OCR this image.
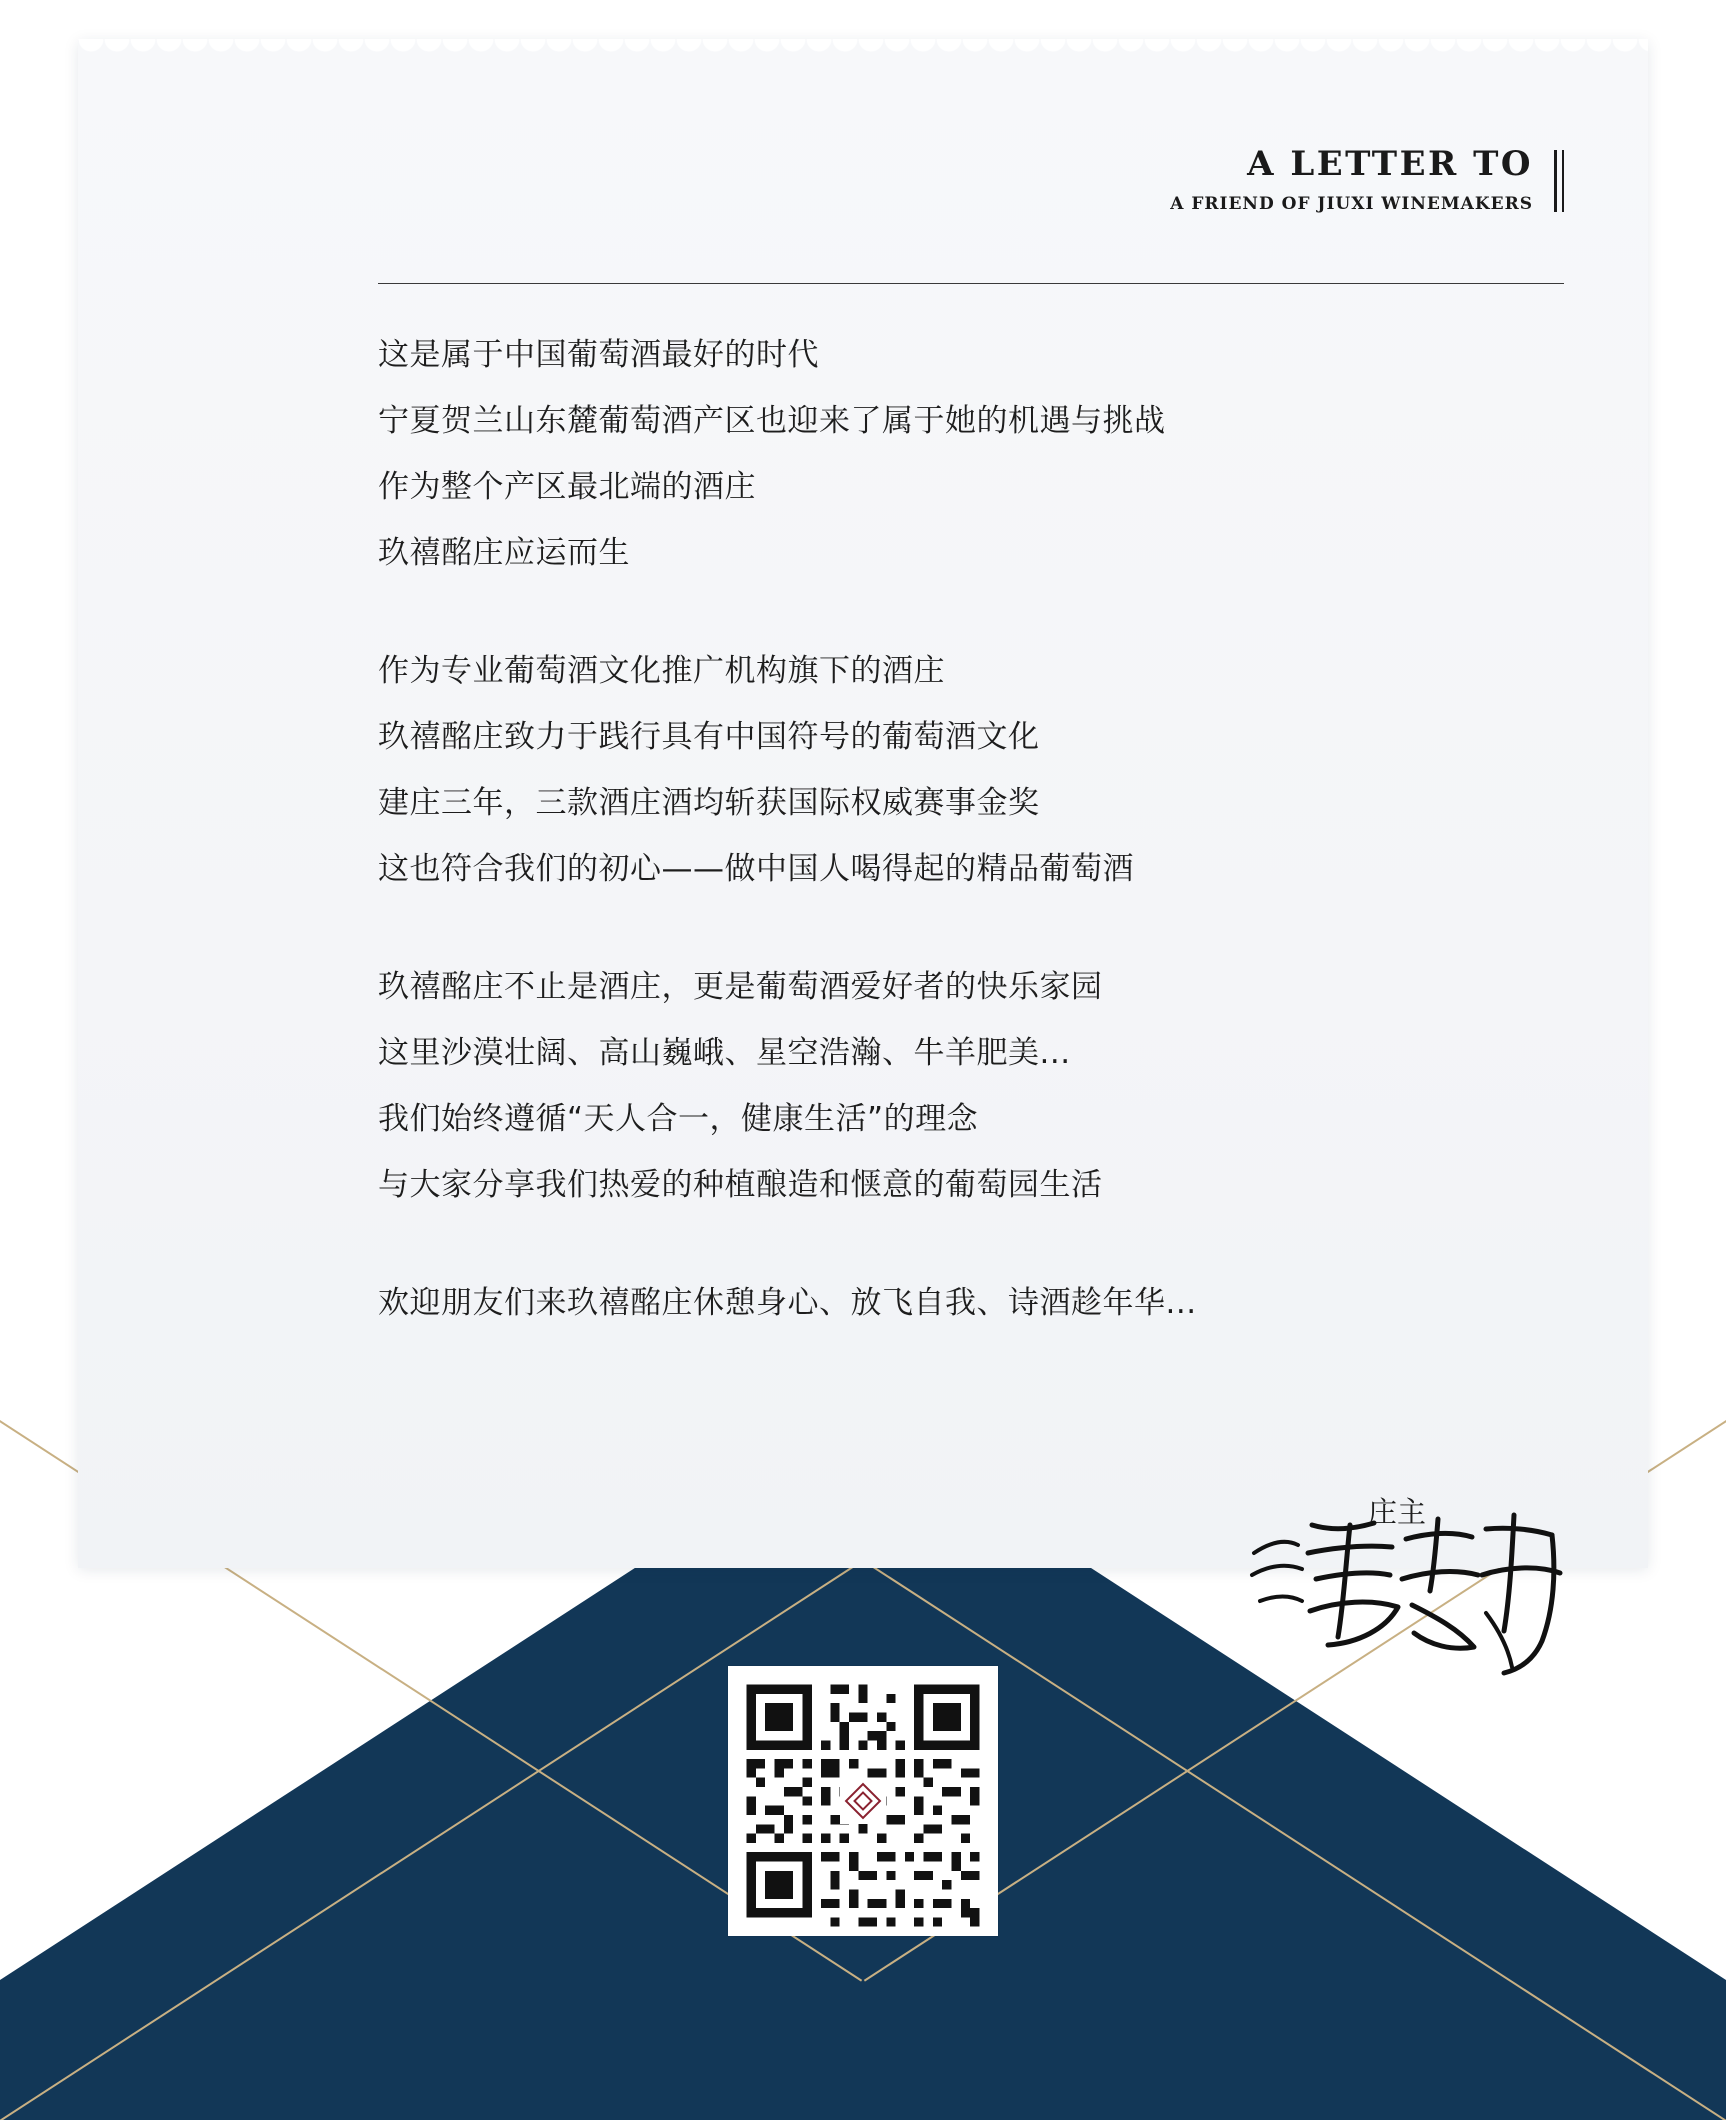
A LETTER TO
A FRIEND OF JIUXI WINEMAKERS
这是属于中国葡萄酒最好的时代
宁夏贺兰山东麓葡萄酒产区也迎来了属于她的机遇与挑战
作为整个产区最北端的酒庄
玖禧酩庄应运而生
作为专业葡萄酒文化推广机构旗下的酒庄
玖禧酩庄致力于践行具有中国符号的葡萄酒文化
建庄三年，三款酒庄酒均斩获国际权威赛事金奖
这也符合我们的初心——做中国人喝得起的精品葡萄酒
玖禧酩庄不止是酒庄，更是葡萄酒爱好者的快乐家园
这里沙漠壮阔、高山巍峨、星空浩瀚、牛羊肥美...
我们始终遵循“天人合一，健康生活”的理念
与大家分享我们热爱的种植酿造和惬意的葡萄园生活
欢迎朋友们来玖禧酩庄休憩身心、放飞自我、诗酒趁年华...
庄主
